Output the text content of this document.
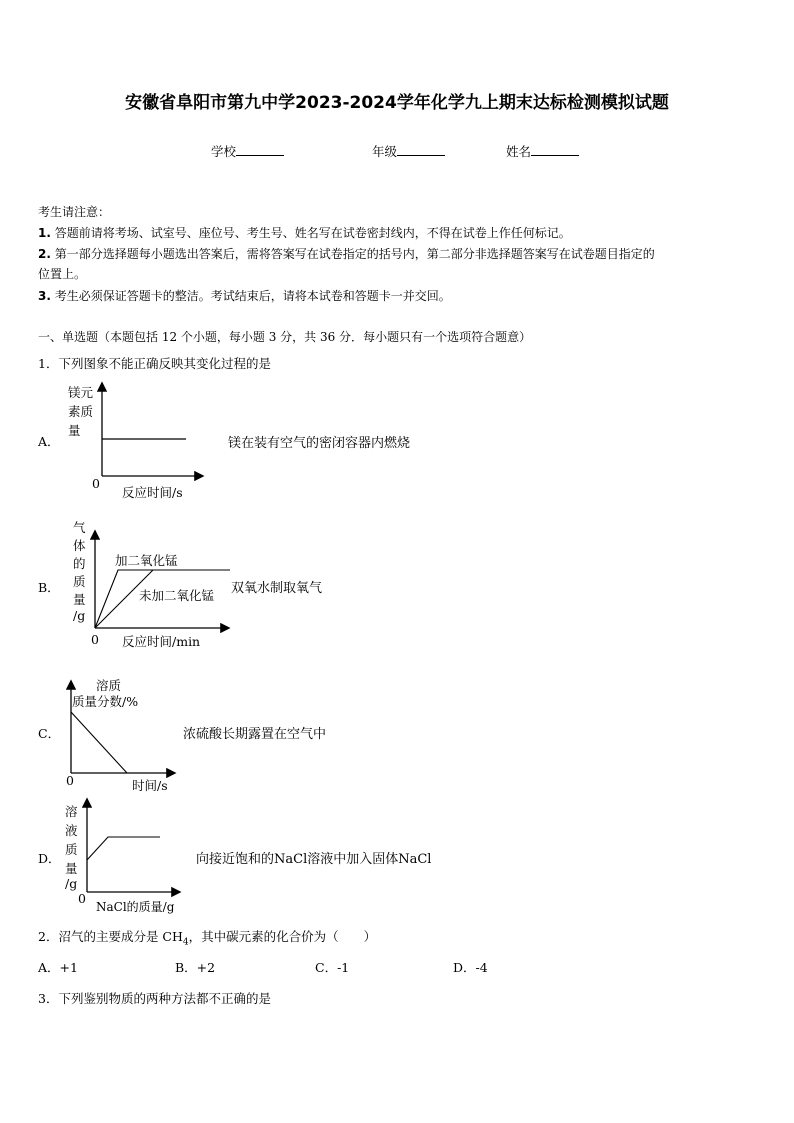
安徽省阜阳市第九中学2023-2024学年化学九上期末达标检测模拟试题
学校	年级	姓名
考生请注意：
1. 答题前请将考场、试室号、座位号、考生号、姓名写在试卷密封线内，不得在试卷上作任何标记。
2. 第一部分选择题每小题选出答案后，需将答案写在试卷指定的括号内，第二部分非选择题答案写在试卷题目指定的
位置上。
3. 考生必须保证答题卡的整洁。考试结束后，请将本试卷和答题卡一并交回。
一、单选题（本题包括 12 个小题，每小题 3 分，共 36 分．每小题只有一个选项符合题意）
1．下列图象不能正确反映其变化过程的是
A．
镁元
素质
量
0
反应时间/s
镁在装有空气的密闭容器内燃烧
B．
气
体
的
质
量
/g
加二氧化锰
未加二氧化锰
0 反应时间/min
双氧水制取氧气
C．
溶质
质量分数/%
0	时间/s
浓硫酸长期露置在空气中
D．
溶
液
质
量
/g
0
NaCl的质量/g
向接近饱和的NaCl溶液中加入固体NaCl
2．沼气的主要成分是 $CH_4$，其中碳元素的化合价为（　　）
A．+1	B．+2	C．-1	D．-4
3．下列鉴别物质的两种方法都不正确的是
